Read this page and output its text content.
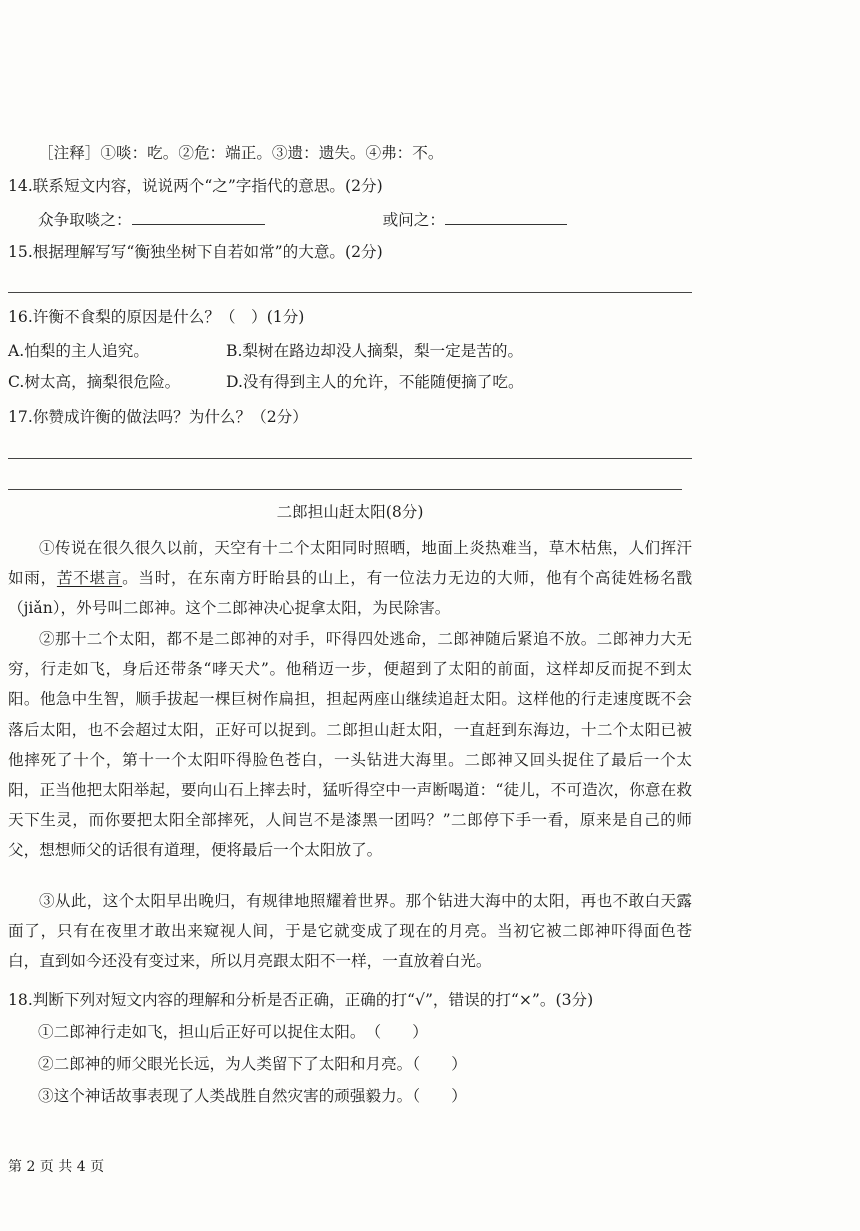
［注释］①啖：吃。②危：端正。③遗：遗失。④弗：不。
14.联系短文内容，说说两个“之”字指代的意思。(2分)
众争取啖之：	或问之：
15.根据理解写写“衡独坐树下自若如常”的大意。(2分)
16.许衡不食梨的原因是什么？（　）(1分)
A.怕梨的主人追究。	B.梨树在路边却没人摘梨，梨一定是苦的。
C.树太高，摘梨很危险。	D.没有得到主人的允许，不能随便摘了吃。
17.你赞成许衡的做法吗？为什么？（2分）
二郎担山赶太阳(8分)
①传说在很久很久以前，天空有十二个太阳同时照晒，地面上炎热难当，草木枯焦，人们挥汗如雨，苦不堪言。当时，在东南方盱眙县的山上，有一位法力无边的大师，他有个高徒姓杨名戬（jiǎn），外号叫二郎神。这个二郎神决心捉拿太阳，为民除害。
②那十二个太阳，都不是二郎神的对手，吓得四处逃命，二郎神随后紧追不放。二郎神力大无穷，行走如飞，身后还带条“哮天犬”。他稍迈一步，便超到了太阳的前面，这样却反而捉不到太阳。他急中生智，顺手拔起一棵巨树作扁担，担起两座山继续追赶太阳。这样他的行走速度既不会落后太阳，也不会超过太阳，正好可以捉到。二郎担山赶太阳，一直赶到东海边，十二个太阳已被他摔死了十个，第十一个太阳吓得脸色苍白，一头钻进大海里。二郎神又回头捉住了最后一个太阳，正当他把太阳举起，要向山石上摔去时，猛听得空中一声断喝道：“徒儿，不可造次，你意在救天下生灵，而你要把太阳全部摔死，人间岂不是漆黑一团吗？”二郎停下手一看，原来是自己的师父，想想师父的话很有道理，便将最后一个太阳放了。
③从此，这个太阳早出晚归，有规律地照耀着世界。那个钻进大海中的太阳，再也不敢白天露面了，只有在夜里才敢出来窥视人间，于是它就变成了现在的月亮。当初它被二郎神吓得面色苍白，直到如今还没有变过来，所以月亮跟太阳不一样，一直放着白光。
18.判断下列对短文内容的理解和分析是否正确，正确的打“√”，错误的打“×”。(3分)
①二郎神行走如飞，担山后正好可以捉住太阳。　（　　）
②二郎神的师父眼光长远，为人类留下了太阳和月亮。（　　）
③这个神话故事表现了人类战胜自然灾害的顽强毅力。（　　）
第 2 页 共 4 页
